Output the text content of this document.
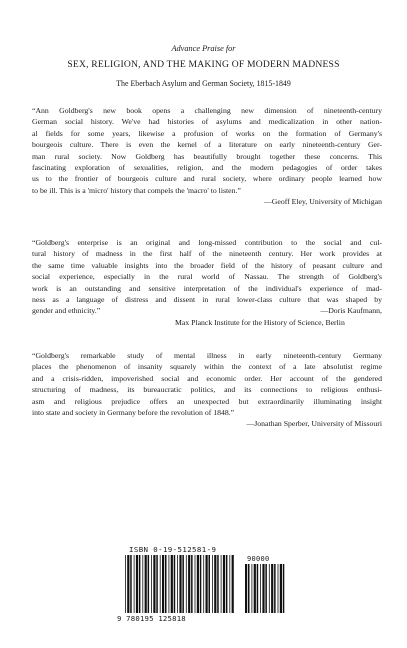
Advance Praise for
SEX, RELIGION, AND THE MAKING OF MODERN MADNESS
The Eberbach Asylum and German Society, 1815-1849
“Ann Goldberg's new book opens a challenging new dimension of nineteenth-century
German social history. We've had histories of asylums and medicalization in other nation-
al fields for some years, likewise a profusion of works on the formation of Germany's
bourgeois culture. There is even the kernel of a literature on early nineteenth-century Ger-
man rural society. Now Goldberg has beautifully brought together these concerns. This
fascinating exploration of sexualities, religion, and the modern pedagogies of order takes
us to the frontier of bourgeois culture and rural society, where ordinary people learned how
to be ill. This is a 'micro' history that compels the 'macro' to listen.”
—Geoff Eley, University of Michigan
“Goldberg's enterprise is an original and long-missed contribution to the social and cul-
tural history of madness in the first half of the nineteenth century. Her work provides at
the same time valuable insights into the broader field of the history of peasant culture and
social experience, especially in the rural world of Nassau. The strength of Goldberg's
work is an outstanding and sensitive interpretation of the individual's experience of mad-
ness as a language of distress and dissent in rural lower-class culture that was shaped by
gender and ethnicity.”	—Doris Kaufmann,
Max Planck Institute for the History of Science, Berlin
“Goldberg's remarkable study of mental illness in early nineteenth-century Germany
places the phenomenon of insanity squarely within the context of a late absolutist regime
and a crisis-ridden, impoverished social and economic order. Her account of the gendered
structuring of madness, its bureaucratic politics, and its connections to religious enthusi-
asm and religious prejudice offers an unexpected but extraordinarily illuminating insight
into state and society in Germany before the revolution of 1848.”
—Jonathan Sperber, University of Missouri
ISBN 0-19-512581-9
90000
9 780195 125818
